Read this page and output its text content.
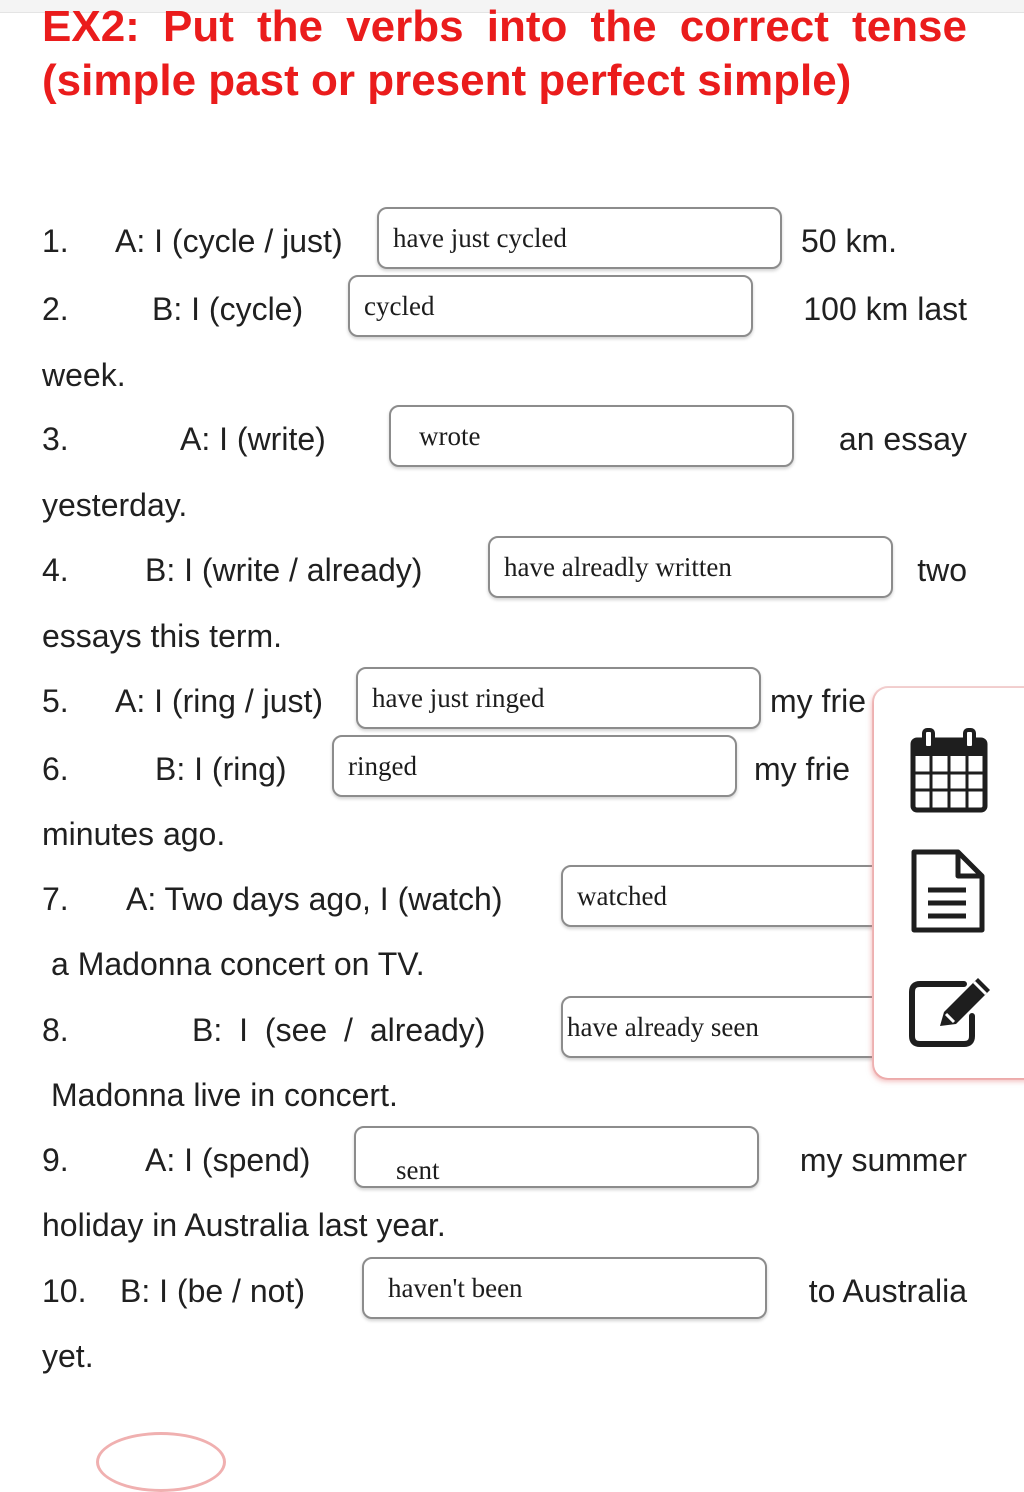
EX2: Put the verbs into the correct tense (simple past or present perfect simple)
1. A: I (cycle / just)	have just cycled	50 km.
2.	B: I (cycle)	cycled	100 km last
week.
3.	A: I (write)	wrote	an essay
yesterday.
4. B: I (write / already)	have alreadly written	two
essays this term.
5. A: I (ring / just)	have just ringed	my frie
6.	B: I (ring)	ringed	my frie
minutes ago.
7. A: Two days ago, I (watch)	watched
a Madonna concert on TV.
8.	B: I (see / already)	have already seen
Madonna live in concert.
9. A: I (spend)	sent	my summer
holiday in Australia last year.
10. B: I (be / not)	haven't been	to Australia
yet.
